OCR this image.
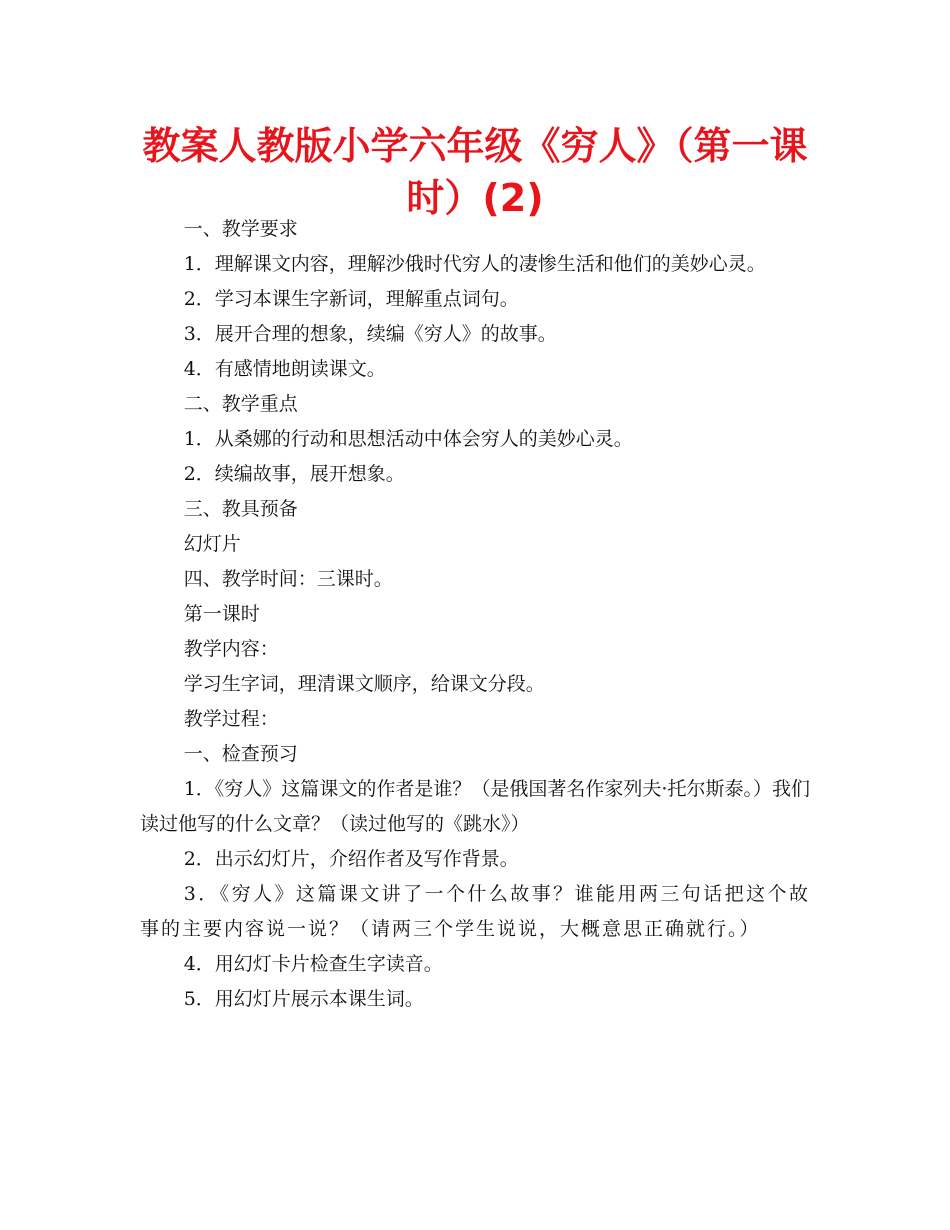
教案人教版小学六年级《穷人》（第一课时）(2)

一、教学要求

1．理解课文内容，理解沙俄时代穷人的凄惨生活和他们的美妙心灵。

2．学习本课生字新词，理解重点词句。

3．展开合理的想象，续编《穷人》的故事。

4．有感情地朗读课文。

二、教学重点

1．从桑娜的行动和思想活动中体会穷人的美妙心灵。

2．续编故事，展开想象。

三、教具预备

幻灯片

四、教学时间：三课时。

第一课时

教学内容：

学习生字词，理清课文顺序，给课文分段。

教学过程：

一、检查预习

1．《穷人》这篇课文的作者是谁？（是俄国著名作家列夫·托尔斯泰。）我们读过他写的什么文章？（读过他写的《跳水》）

2．出示幻灯片，介绍作者及写作背景。

3．《穷人》这篇课文讲了一个什么故事？谁能用两三句话把这个故事的主要内容说一说？（请两三个学生说说，大概意思正确就行。）

4．用幻灯卡片检查生字读音。

5．用幻灯片展示本课生词。
